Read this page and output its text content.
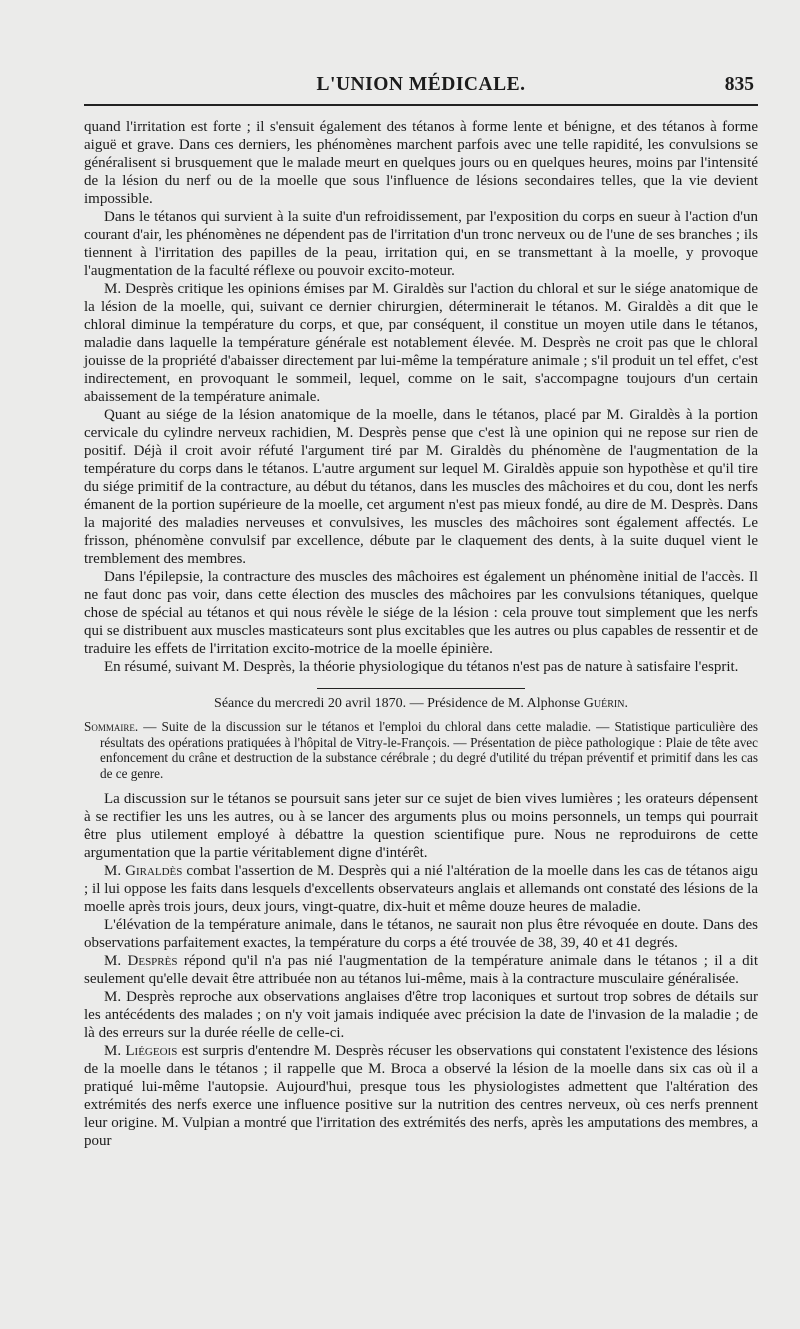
L'UNION MÉDICALE.	835

quand l'irritation est forte ; il s'ensuit également des tétanos à forme lente et bénigne, et des tétanos à forme aiguë et grave. Dans ces derniers, les phénomènes marchent parfois avec une telle rapidité, les convulsions se généralisent si brusquement que le malade meurt en quelques jours ou en quelques heures, moins par l'intensité de la lésion du nerf ou de la moelle que sous l'influence de lésions secondaires telles, que la vie devient impossible.

Dans le tétanos qui survient à la suite d'un refroidissement, par l'exposition du corps en sueur à l'action d'un courant d'air, les phénomènes ne dépendent pas de l'irritation d'un tronc nerveux ou de l'une de ses branches ; ils tiennent à l'irritation des papilles de la peau, irritation qui, en se transmettant à la moelle, y provoque l'augmentation de la faculté réflexe ou pouvoir excito-moteur.

M. Desprès critique les opinions émises par M. Giraldès sur l'action du chloral et sur le siége anatomique de la lésion de la moelle, qui, suivant ce dernier chirurgien, déterminerait le tétanos. M. Giraldès a dit que le chloral diminue la température du corps, et que, par conséquent, il constitue un moyen utile dans le tétanos, maladie dans laquelle la température générale est notablement élevée. M. Desprès ne croit pas que le chloral jouisse de la propriété d'abaisser directement par lui-même la température animale ; s'il produit un tel effet, c'est indirectement, en provoquant le sommeil, lequel, comme on le sait, s'accompagne toujours d'un certain abaissement de la température animale.

Quant au siége de la lésion anatomique de la moelle, dans le tétanos, placé par M. Giraldès à la portion cervicale du cylindre nerveux rachidien, M. Desprès pense que c'est là une opinion qui ne repose sur rien de positif. Déjà il croit avoir réfuté l'argument tiré par M. Giraldès du phénomène de l'augmentation de la température du corps dans le tétanos. L'autre argument sur lequel M. Giraldès appuie son hypothèse et qu'il tire du siége primitif de la contracture, au début du tétanos, dans les muscles des mâchoires et du cou, dont les nerfs émanent de la portion supérieure de la moelle, cet argument n'est pas mieux fondé, au dire de M. Desprès. Dans la majorité des maladies nerveuses et convulsives, les muscles des mâchoires sont également affectés. Le frisson, phénomène convulsif par excellence, débute par le claquement des dents, à la suite duquel vient le tremblement des membres.

Dans l'épilepsie, la contracture des muscles des mâchoires est également un phénomène initial de l'accès. Il ne faut donc pas voir, dans cette élection des muscles des mâchoires par les convulsions tétaniques, quelque chose de spécial au tétanos et qui nous révèle le siége de la lésion : cela prouve tout simplement que les nerfs qui se distribuent aux muscles masticateurs sont plus excitables que les autres ou plus capables de ressentir et de traduire les effets de l'irritation excito-motrice de la moelle épinière.

En résumé, suivant M. Desprès, la théorie physiologique du tétanos n'est pas de nature à satisfaire l'esprit.

Séance du mercredi 20 avril 1870. — Présidence de M. Alphonse Guérin.

Sommaire. — Suite de la discussion sur le tétanos et l'emploi du chloral dans cette maladie. — Statistique particulière des résultats des opérations pratiquées à l'hôpital de Vitry-le-François. — Présentation de pièce pathologique : Plaie de tête avec enfoncement du crâne et destruction de la substance cérébrale ; du degré d'utilité du trépan préventif et primitif dans les cas de ce genre.

La discussion sur le tétanos se poursuit sans jeter sur ce sujet de bien vives lumières ; les orateurs dépensent à se rectifier les uns les autres, ou à se lancer des arguments plus ou moins personnels, un temps qui pourrait être plus utilement employé à débattre la question scientifique pure. Nous ne reproduirons de cette argumentation que la partie véritablement digne d'intérêt.

M. Giraldès combat l'assertion de M. Desprès qui a nié l'altération de la moelle dans les cas de tétanos aigu ; il lui oppose les faits dans lesquels d'excellents observateurs anglais et allemands ont constaté des lésions de la moelle après trois jours, deux jours, vingt-quatre, dix-huit et même douze heures de maladie.

L'élévation de la température animale, dans le tétanos, ne saurait non plus être révoquée en doute. Dans des observations parfaitement exactes, la température du corps a été trouvée de 38, 39, 40 et 41 degrés.

M. Desprès répond qu'il n'a pas nié l'augmentation de la température animale dans le tétanos ; il a dit seulement qu'elle devait être attribuée non au tétanos lui-même, mais à la contracture musculaire généralisée.

M. Desprès reproche aux observations anglaises d'être trop laconiques et surtout trop sobres de détails sur les antécédents des malades ; on n'y voit jamais indiquée avec précision la date de l'invasion de la maladie ; de là des erreurs sur la durée réelle de celle-ci.

M. Liégeois est surpris d'entendre M. Desprès récuser les observations qui constatent l'existence des lésions de la moelle dans le tétanos ; il rappelle que M. Broca a observé la lésion de la moelle dans six cas où il a pratiqué lui-même l'autopsie. Aujourd'hui, presque tous les physiologistes admettent que l'altération des extrémités des nerfs exerce une influence positive sur la nutrition des centres nerveux, où ces nerfs prennent leur origine. M. Vulpian a montré que l'irritation des extrémités des nerfs, après les amputations des membres, a pour
